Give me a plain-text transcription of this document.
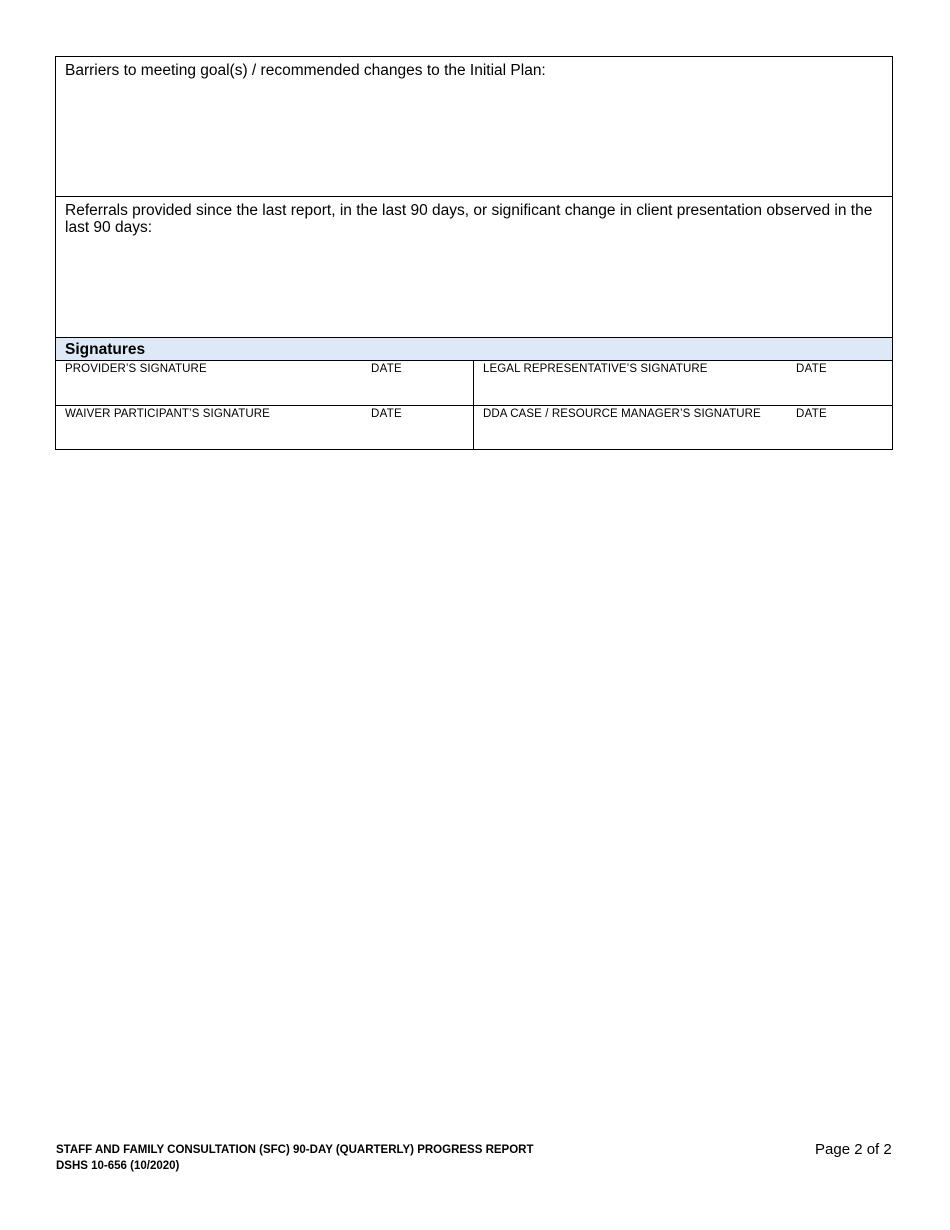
Barriers to meeting goal(s) / recommended changes to the Initial Plan:
Referrals provided since the last report, in the last 90 days, or significant change in client presentation observed in the last 90 days:
Signatures
PROVIDER’S SIGNATURE	DATE	LEGAL REPRESENTATIVE’S SIGNATURE	DATE
WAIVER PARTICIPANT’S SIGNATURE	DATE	DDA CASE / RESOURCE MANAGER’S SIGNATURE	DATE
STAFF AND FAMILY CONSULTATION (SFC) 90-DAY (QUARTERLY) PROGRESS REPORT
DSHS 10-656 (10/2020)
Page 2 of 2
